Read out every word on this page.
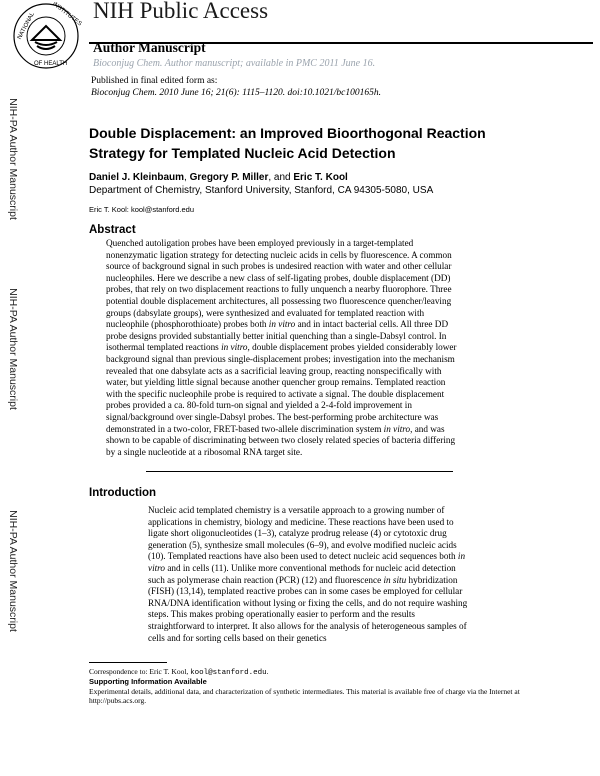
NATIONAL	INSTITUTES
OF HEALTH
NIH Public Access
Author Manuscript
Bioconjug Chem. Author manuscript; available in PMC 2011 June 16.
Published in final edited form as:
Bioconjug Chem. 2010 June 16; 21(6): 1115–1120. doi:10.1021/bc100165h.
NIH-PA Author Manuscript
NIH-PA Author Manuscript
NIH-PA Author Manuscript
Double Displacement: an Improved Bioorthogonal Reaction Strategy for Templated Nucleic Acid Detection
Daniel J. Kleinbaum, Gregory P. Miller, and Eric T. Kool
Department of Chemistry, Stanford University, Stanford, CA 94305-5080, USA
Eric T. Kool: kool@stanford.edu
Abstract
Quenched autoligation probes have been employed previously in a target-templated nonenzymatic ligation strategy for detecting nucleic acids in cells by fluorescence. A common source of background signal in such probes is undesired reaction with water and other cellular nucleophiles. Here we describe a new class of self-ligating probes, double displacement (DD) probes, that rely on two displacement reactions to fully unquench a nearby fluorophore. Three potential double displacement architectures, all possessing two fluorescence quencher/leaving groups (dabsylate groups), were synthesized and evaluated for templated reaction with nucleophile (phosphorothioate) probes both in vitro and in intact bacterial cells. All three DD probe designs provided substantially better initial quenching than a single-Dabsyl control. In isothermal templated reactions in vitro, double displacement probes yielded considerably lower background signal than previous single-displacement probes; investigation into the mechanism revealed that one dabsylate acts as a sacrificial leaving group, reacting nonspecifically with water, but yielding little signal because another quencher group remains. Templated reaction with the specific nucleophile probe is required to activate a signal. The double displacement probes provided a ca. 80-fold turn-on signal and yielded a 2-4-fold improvement in signal/background over single-Dabsyl probes. The best-performing probe architecture was demonstrated in a two-color, FRET-based two-allele discrimination system in vitro, and was shown to be capable of discriminating between two closely related species of bacteria differing by a single nucleotide at a ribosomal RNA target site.
Introduction
Nucleic acid templated chemistry is a versatile approach to a growing number of applications in chemistry, biology and medicine. These reactions have been used to ligate short oligonucleotides (1–3), catalyze prodrug release (4) or cytotoxic drug generation (5), synthesize small molecules (6–9), and evolve modified nucleic acids (10). Templated reactions have also been used to detect nucleic acid sequences both in vitro and in cells (11). Unlike more conventional methods for nucleic acid detection such as polymerase chain reaction (PCR) (12) and fluorescence in situ hybridization (FISH) (13,14), templated reactive probes can in some cases be employed for cellular RNA/DNA identification without lysing or fixing the cells, and do not require washing steps. This makes probing operationally easier to perform and the results straightforward to interpret. It also allows for the analysis of heterogeneous samples of cells and for sorting cells based on their genetics
Correspondence to: Eric T. Kool, kool@stanford.edu.
Supporting Information Available
Experimental details, additional data, and characterization of synthetic intermediates. This material is available free of charge via the Internet at http://pubs.acs.org.
